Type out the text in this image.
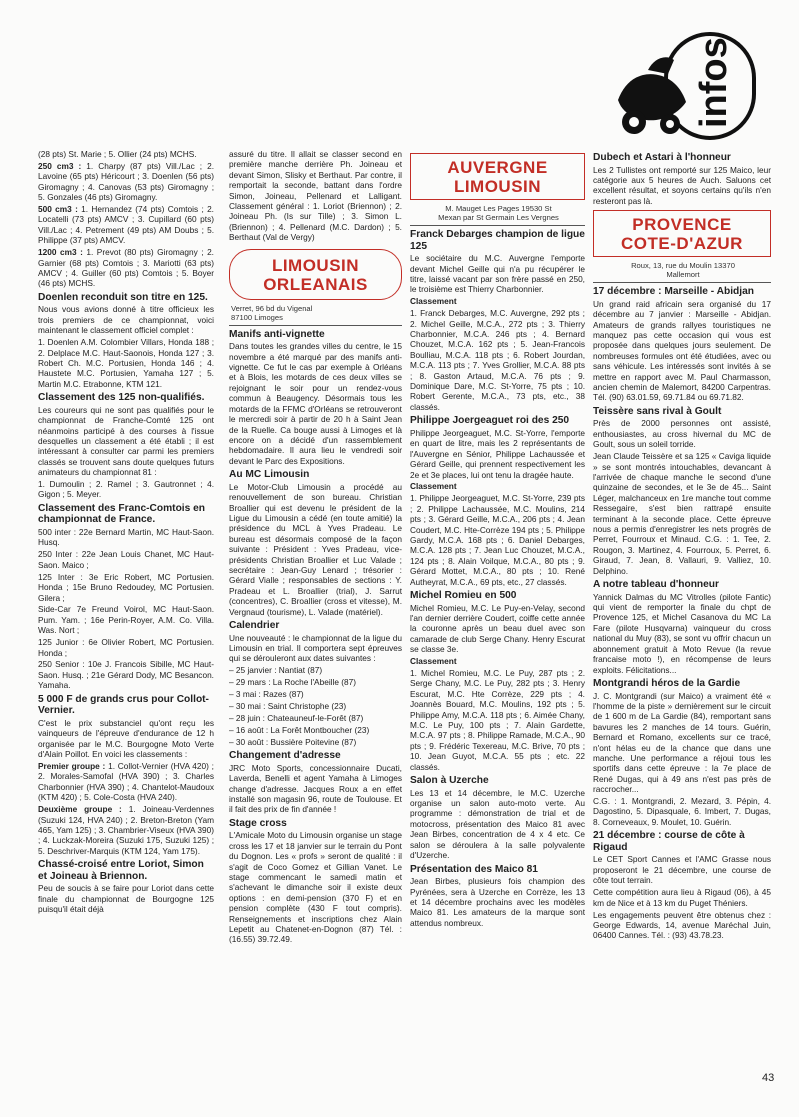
infos

(28 pts) St. Marie ; 5. Ollier (24 pts) MCHS.

250 cm3 : 1. Charpy (87 pts) Vill./Lac ; 2. Lavoine (65 pts) Héricourt ; 3. Doenlen (56 pts) Giromagny ; 4. Canovas (53 pts) Giromagny ; 5. Gonzales (46 pts) Giromagny.

500 cm3 : 1. Hernandez (74 pts) Comtois ; 2. Locatelli (73 pts) AMCV ; 3. Cupillard (60 pts) Vill./Lac ; 4. Petrement (49 pts) AM Doubs ; 5. Philippe (37 pts) AMCV.

1200 cm3 : 1. Prevot (80 pts) Giromagny ; 2. Garnier (68 pts) Comtois ; 3. Mariotti (63 pts) AMCV ; 4. Guiller (60 pts) Comtois ; 5. Boyer (46 pts) MCHS.

Doenlen reconduit son titre en 125.

Nous vous avions donné à titre officieux les trois premiers de ce championnat, voici maintenant le classement officiel complet :

1. Doenlen A.M. Colombier Villars, Honda 188 ; 2. Delplace M.C. Haut-Saonois, Honda 127 ; 3. Robert Ch. M.C. Portusien, Honda 146 ; 4. Haustete M.C. Portusien, Yamaha 127 ; 5. Martin M.C. Etrabonne, KTM 121.

Classement des 125 non-qualifiés.

Les coureurs qui ne sont pas qualifiés pour le championnat de Franche-Comté 125 ont néanmoins participé à des courses à l'issue desquelles un classement a été établi ; il est intéressant à consulter car parmi les premiers classés se trouvent sans doute quelques futurs animateurs du championnat 81 :

1. Dumoulin ; 2. Ramel ; 3. Gautronnet ; 4. Gigon ; 5. Meyer.

Classement des Franc-Comtois en championnat de France.

500 inter : 22e Bernard Martin, MC Haut-Saon. Husq.

250 Inter : 22e Jean Louis Chanet, MC Haut-Saon. Maico ;

125 Inter : 3e Eric Robert, MC Portusien. Honda ; 15e Bruno Redoudey, MC Portusien. Gilera ;

Side-Car 7e Freund Voirol, MC Haut-Saon. Pum. Yam. ; 16e Perin-Royer, A.M. Co. Villa. Was. Nort ;

125 Junior : 6e Olivier Robert, MC Portusien. Honda ;

250 Senior : 10e J. Francois Sibille, MC Haut-Saon. Husq. ; 21e Gérard Dody, MC Besancon. Yamaha.

5 000 F de grands crus pour Collot-Vernier.

C'est le prix substanciel qu'ont reçu les vainqueurs de l'épreuve d'endurance de 12 h organisée par le M.C. Bourgogne Moto Verte d'Alain Poillot. En voici les classements :

Premier groupe : 1. Collot-Vernier (HVA 420) ; 2. Morales-Samofal (HVA 390) ; 3. Charles Charbonnier (HVA 390) ; 4. Chantelot-Maudoux (KTM 420) ; 5. Cole-Costa (HVA 240).

Deuxième groupe : 1. Joineau-Verdennes (Suzuki 124, HVA 240) ; 2. Breton-Breton (Yam 465, Yam 125) ; 3. Chambrier-Viseux (HVA 390) ; 4. Luckzak-Moreira (Suzuki 175, Suzuki 125) ; 5. Deschriver-Marquis (KTM 124, Yam 175).

Chassé-croisé entre Loriot, Simon et Joineau à Briennon.

Peu de soucis à se faire pour Loriot dans cette finale du championnat de Bourgogne 125 puisqu'il était déjà

assuré du titre. Il allait se classer second en première manche derrière Ph. Joineau et devant Simon, Slisky et Berthaut. Par contre, il remportait la seconde, battant dans l'ordre Simon, Joineau, Pellenard et Lalligant. Classement général : 1. Loriot (Briennon) ; 2. Joineau Ph. (Is sur Tille) ; 3. Simon L. (Briennon) ; 4. Pellenard (M.C. Dardon) ; 5. Berthaut (Val de Vergy)

LIMOUSIN
ORLEANAIS
Verret, 96 bd du Vigenal
87100 Limoges
Manifs anti-vignette

Dans toutes les grandes villes du centre, le 15 novembre a été marqué par des manifs anti-vignette. Ce fut le cas par exemple à Orléans et à Blois, les motards de ces deux villes se rejoignant le soir pour un rendez-vous commun à Beaugency. Désormais tous les motards de la FFMC d'Orléans se retrouveront le mercredi soir à partir de 20 h à Saint Jean de la Ruelle. Ca bouge aussi à Limoges et là encore on a décidé d'un rassemblement hebdomadaire. Il aura lieu le vendredi soir devant le Parc des Expositions.

Au MC Limousin

Le Motor-Club Limousin a procédé au renouvellement de son bureau. Christian Broallier qui est devenu le président de la Ligue du Limousin a cédé (en toute amitié) la présidence du MCL à Yves Pradeau. Le bureau est désormais composé de la façon suivante : Président : Yves Pradeau, vice-présidents Christian Broallier et Luc Valade ; secrétaire : Jean-Guy Lenard ; trésorier : Gérard Vialle ; responsables de sections : Y. Pradeau et L. Broallier (trial), J. Sarrut (concentres), C. Broallier (cross et vitesse), M. Vergnaud (tourisme), L. Valade (matériel).

Calendrier

Une nouveauté : le championnat de la ligue du Limousin en trial. Il comportera sept épreuves qui se dérouleront aux dates suivantes :

– 25 janvier : Nantiat (87)

– 29 mars : La Roche l'Abeille (87)

– 3 mai : Razes (87)

– 30 mai : Saint Christophe (23)

– 28 juin : Chateauneuf-le-Forêt (87)

– 16 août : La Forêt Montboucher (23)

– 30 août : Bussière Poitevine (87)

Changement d'adresse

JRC Moto Sports, concessionnaire Ducati, Laverda, Benelli et agent Yamaha à Limoges change d'adresse. Jacques Roux a en effet installé son magasin 96, route de Toulouse. Et il fait des prix de fin d'année !

Stage cross

L'Amicale Moto du Limousin organise un stage cross les 17 et 18 janvier sur le terrain du Pont du Dognon. Les « profs » seront de qualité : il s'agit de Coco Gomez et Gillian Vanet. Le stage commencant le samedi matin et s'achevant le dimanche soir il existe deux options : en demi-pension (370 F) et en pension complète (430 F tout compris). Renseignements et inscriptions chez Alain Lepetit au Chatenet-en-Dognon (87) Tél. : (16.55) 39.72.49.

AUVERGNE
LIMOUSIN
M. Mauget Les Pages 19530 St
Mexan par St Germain Les Vergnes
Franck Debarges champion de ligue 125

Le sociétaire du M.C. Auvergne l'emporte devant Michel Geille qui n'a pu récupérer le titre, laissé vacant par son frère passé en 250, le troisième est Thierry Charbonnier.

Classement

1. Franck Debarges, M.C. Auvergne, 292 pts ; 2. Michel Geille, M.C.A., 272 pts ; 3. Thierry Charbonnier, M.C.A. 246 pts ; 4. Bernard Chouzet, M.C.A. 162 pts ; 5. Jean-Francois Boulliau, M.C.A. 118 pts ; 6. Robert Jourdan, M.C.A. 113 pts ; 7. Yves Grollier, M.C.A. 88 pts ; 8. Gaston Artaud, M.C.A. 76 pts ; 9. Dominique Dare, M.C. St-Yorre, 75 pts ; 10. Robert Gerente, M.C.A., 73 pts, etc., 38 classés.

Philippe Joergeaguet roi des 250

Philippe Jeorgeaguet, M.C. St-Yorre, l'emporte en quart de litre, mais les 2 représentants de l'Auvergne en Sénior, Philippe Lachaussée et Gérard Geille, qui prennent respectivement les 2e et 3e places, lui ont tenu la dragée haute.

Classement

1. Philippe Jeorgeaguet, M.C. St-Yorre, 239 pts ; 2. Philippe Lachaussée, M.C. Moulins, 214 pts ; 3. Gérard Geille, M.C.A., 206 pts ; 4. Jean Coudert, M.C. Hte-Corrèze 194 pts ; 5. Philippe Gardy, M.C.A. 168 pts ; 6. Daniel Debarges, M.C.A. 128 pts ; 7. Jean Luc Chouzet, M.C.A., 124 pts ; 8. Alain Voilque, M.C.A., 80 pts ; 9. Gérard Mottet, M.C.A., 80 pts ; 10. René Autheyrat, M.C.A., 69 pts, etc., 27 classés.

Michel Romieu en 500

Michel Romieu, M.C. Le Puy-en-Velay, second l'an dernier derrière Coudert, coiffe cette année la couronne après un beau duel avec son camarade de club Serge Chany. Henry Escurat se classe 3e.

Classement

1. Michel Romieu, M.C. Le Puy, 287 pts ; 2. Serge Chany, M.C. Le Puy, 282 pts ; 3. Henry Escurat, M.C. Hte Corrèze, 229 pts ; 4. Joannès Bouard, M.C. Moulins, 192 pts ; 5. Philippe Amy, M.C.A. 118 pts ; 6. Aimée Chany, M.C. Le Puy, 100 pts ; 7. Alain Gardette, M.C.A. 97 pts ; 8. Philippe Ramade, M.C.A., 90 pts ; 9. Frédéric Texereau, M.C. Brive, 70 pts ; 10. Jean Guyot, M.C.A. 55 pts ; etc. 22 classés.

Salon à Uzerche

Les 13 et 14 décembre, le M.C. Uzerche organise un salon auto-moto verte. Au programme : démonstration de trial et de motocross, présentation des Maico 81 avec Jean Birbes, concentration de 4 x 4 etc. Ce salon se déroulera à la salle polyvalente d'Uzerche.

Présentation des Maico 81

Jean Birbes, plusieurs fois champion des Pyrénées, sera à Uzerche en Corrèze, les 13 et 14 décembre prochains avec les modèles Maico 81. Les amateurs de la marque sont attendus nombreux.

Dubech et Astari à l'honneur

Les 2 Tullistes ont remporté sur 125 Maico, leur catégorie aux 5 heures de Auch. Saluons cet excellent résultat, et soyons certains qu'ils n'en resteront pas là.

PROVENCE
COTE-D'AZUR
Roux, 13, rue du Moulin 13370
Mallemort
17 décembre : Marseille - Abidjan

Un grand raid africain sera organisé du 17 décembre au 7 janvier : Marseille - Abidjan. Amateurs de grands rallyes touristiques ne manquez pas cette occasion qui vous est proposée dans quelques jours seulement. De nombreuses formules ont été étudiées, avec ou sans véhicule. Les intéressés sont invités à se mettre en rapport avec M. Paul Charmasson, ancien chemin de Malemort, 84200 Carpentras. Tél. (90) 63.01.59, 69.71.84 ou 69.71.82.

Teissère sans rival à Goult

Près de 2000 personnes ont assisté, enthousiastes, au cross hivernal du MC de Goult, sous un soleil torride.

Jean Claude Teissère et sa 125 « Caviga liquide » se sont montrés intouchables, devancant à l'arrivée de chaque manche le second d'une quinzaine de secondes, et le 3e de 45... Saint Léger, malchanceux en 1re manche tout comme Ressegaire, s'est bien rattrapé ensuite terminant à la seconde place. Cette épreuve nous a permis d'enregistrer les nets progrès de Perret, Fourroux et Minaud. C.G. : 1. Tee, 2. Rougon, 3. Martinez, 4. Fourroux, 5. Perret, 6. Giraud, 7. Jean, 8. Vallauri, 9. Valliez, 10. Delphino.

A notre tableau d'honneur

Yannick Dalmas du MC Vitrolles (pilote Fantic) qui vient de remporter la finale du chpt de Provence 125, et Michel Casanova du MC La Fare (pilote Husqvarna) vainqueur du cross national du Muy (83), se sont vu offrir chacun un abonnement gratuit à Moto Revue (la revue francaise moto !), en récompense de leurs exploits. Félicitations...

Montgrandi héros de la Gardie

J. C. Montgrandi (sur Maico) a vraiment été « l'homme de la piste » dernièrement sur le circuit de 1 600 m de La Gardie (84), remportant sans bavures les 2 manches de 14 tours. Guérin, Bernard et Romano, excellents sur ce tracé, n'ont hélas eu de la chance que dans une manche. Une performance a réjoui tous les sportifs dans cette épreuve : la 7e place de René Dugas, qui à 49 ans n'est pas près de raccrocher...

C.G. : 1. Montgrandi, 2. Mezard, 3. Pépin, 4. Dagostino, 5. Dipasquale, 6. Imbert, 7. Dugas, 8. Corneveaux, 9. Moulet, 10. Guérin.

21 décembre : course de côte à Rigaud

Le CET Sport Cannes et l'AMC Grasse nous proposeront le 21 décembre, une course de côte tout terrain.

Cette compétition aura lieu à Rigaud (06), à 45 km de Nice et à 13 km du Puget Théniers.

Les engagements peuvent être obtenus chez : George Edwards, 14, avenue Maréchal Juin, 06400 Cannes. Tél. : (93) 43.78.23.

43
